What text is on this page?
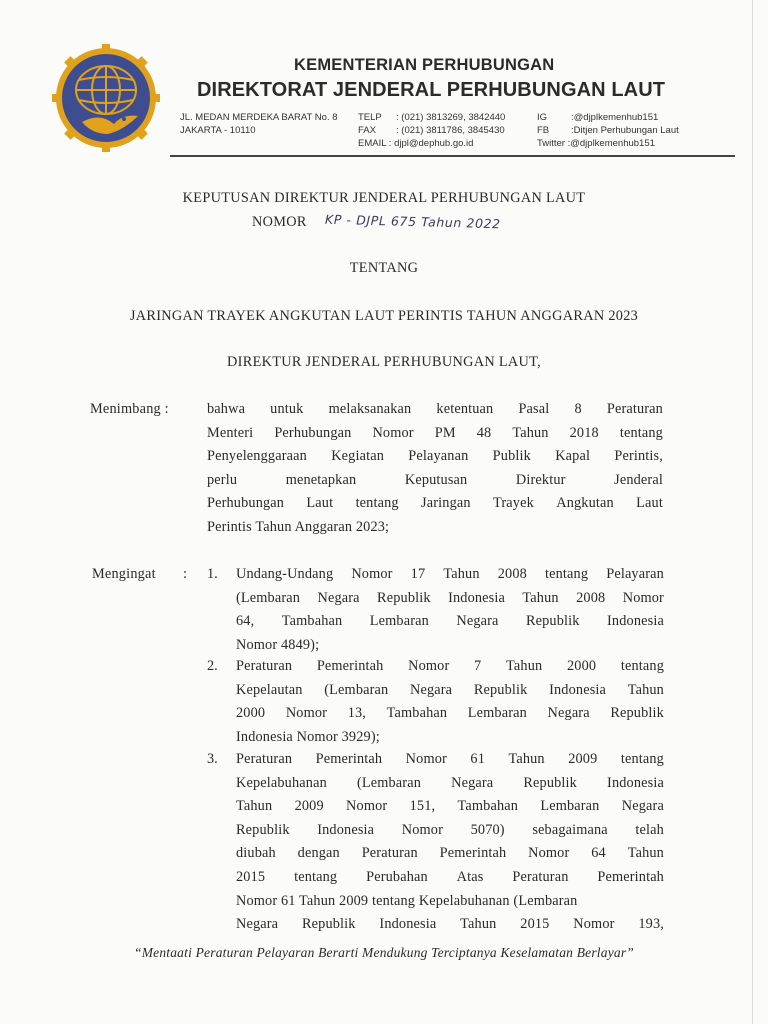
KEMENTERIAN PERHUBUNGAN
DIREKTORAT JENDERAL PERHUBUNGAN LAUT
JL. MEDAN MERDEKA BARAT No. 8
JAKARTA - 10110
TELP	: (021) 3813269, 3842440
FAX	: (021) 3811786, 3845430
EMAIL : djpl@dephub.go.id
IG	:@djplkemenhub151
FB	:Ditjen Perhubungan Laut
Twitter :@djplkemenhub151
KEPUTUSAN DIREKTUR JENDERAL PERHUBUNGAN LAUT
NOMOR KP - DJPL 675 Tahun 2022
TENTANG
JARINGAN TRAYEK ANGKUTAN LAUT PERINTIS TAHUN ANGGARAN 2023
DIREKTUR JENDERAL PERHUBUNGAN LAUT,
Menimbang :	bahwa untuk melaksanakan ketentuan Pasal 8 Peraturan
Menteri Perhubungan Nomor PM 48 Tahun 2018 tentang
Penyelenggaraan Kegiatan Pelayanan Publik Kapal Perintis,
perlu	menetapkan	Keputusan	Direktur	Jenderal
Perhubungan Laut tentang Jaringan Trayek Angkutan Laut
Perintis Tahun Anggaran 2023;
Mengingat : 1. Undang-Undang Nomor 17 Tahun 2008 tentang Pelayaran
(Lembaran Negara Republik Indonesia Tahun 2008 Nomor
64, Tambahan Lembaran Negara Republik Indonesia
Nomor 4849);
2. Peraturan Pemerintah Nomor 7 Tahun 2000 tentang
Kepelautan (Lembaran Negara Republik Indonesia Tahun
2000 Nomor 13, Tambahan Lembaran Negara Republik
Indonesia Nomor 3929);
3. Peraturan Pemerintah Nomor 61 Tahun 2009 tentang
Kepelabuhanan (Lembaran Negara Republik Indonesia
Tahun 2009 Nomor 151, Tambahan Lembaran Negara
Republik Indonesia Nomor 5070) sebagaimana telah
diubah dengan Peraturan Pemerintah Nomor 64 Tahun
2015 tentang Perubahan Atas Peraturan Pemerintah
Nomor 61 Tahun 2009 tentang Kepelabuhanan (Lembaran
Negara Republik Indonesia Tahun 2015 Nomor 193,
“Mentaati Peraturan Pelayaran Berarti Mendukung Terciptanya Keselamatan Berlayar”
